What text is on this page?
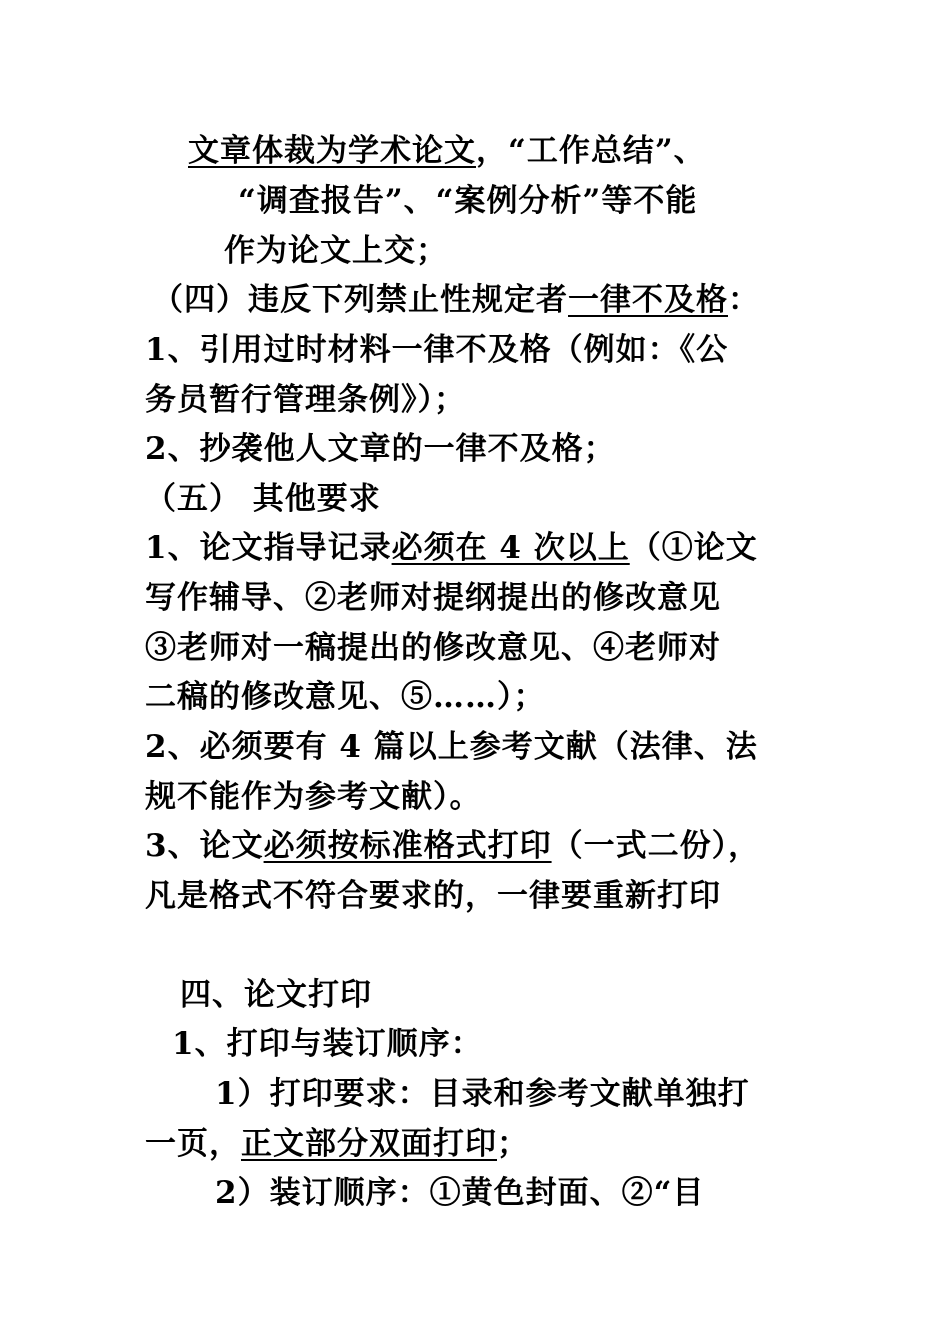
文章体裁为学术论文，“工作总结”、
“调查报告”、“案例分析”等不能
作为论文上交；
（四）违反下列禁止性规定者一律不及格：
1、引用过时材料一律不及格（例如：《公
务员暂行管理条例》）；
2、抄袭他人文章的一律不及格；
（五） 其他要求
1、论文指导记录必须在 4 次以上（①论文
写作辅导、②老师对提纲提出的修改意见
③老师对一稿提出的修改意见、④老师对
二稿的修改意见、⑤……）；
2、必须要有 4 篇以上参考文献（法律、法
规不能作为参考文献）。
3、论文必须按标准格式打印（一式二份），
凡是格式不符合要求的，一律要重新打印
四、论文打印
1、打印与装订顺序：
1）打印要求：目录和参考文献单独打
一页，正文部分双面打印；
2）装订顺序：①黄色封面、②“目
